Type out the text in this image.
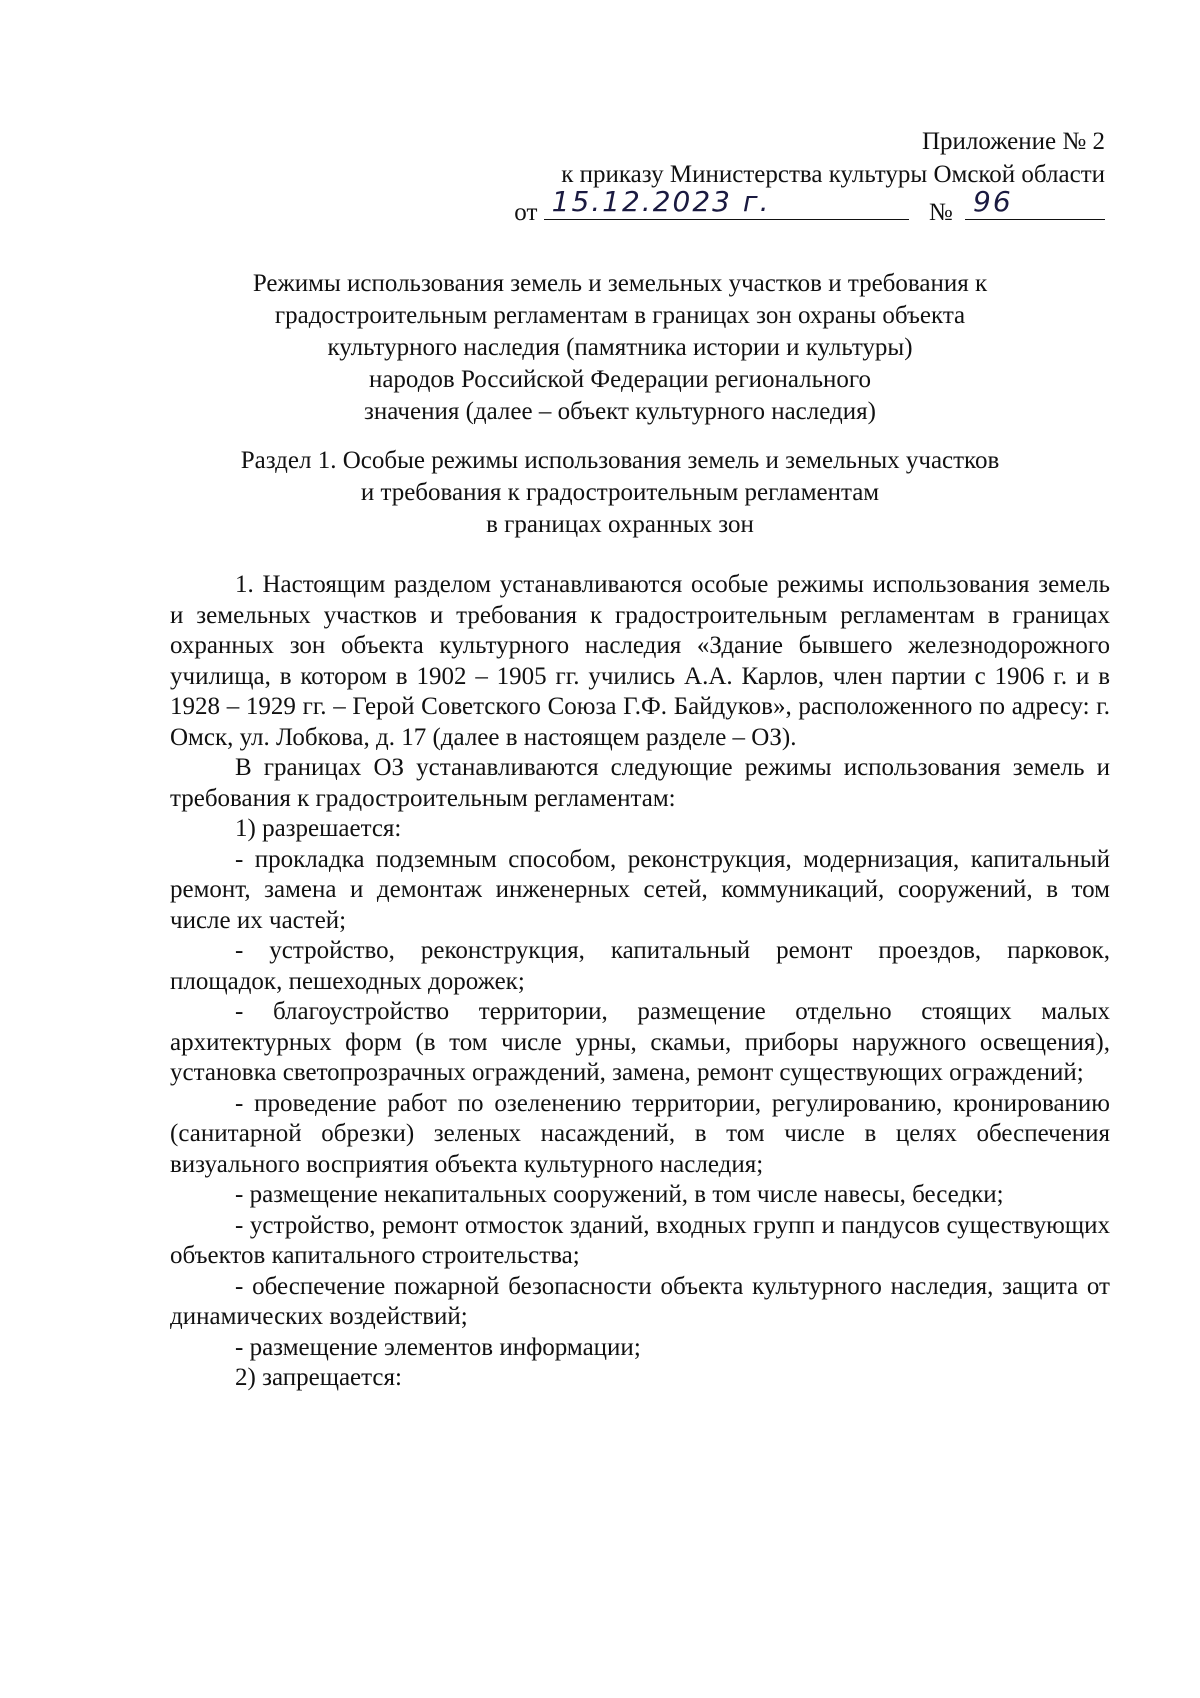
Приложение № 2
к приказу Министерства культуры Омской области
от 15.12.2023 г.	№ 96
Режимы использования земель и земельных участков и требования к
градостроительным регламентам в границах зон охраны объекта
культурного наследия (памятника истории и культуры)
народов Российской Федерации регионального
значения (далее – объект культурного наследия)
Раздел 1. Особые режимы использования земель и земельных участков
и требования к градостроительным регламентам
в границах охранных зон

1. Настоящим разделом устанавливаются особые режимы использования земель и земельных участков и требования к градостроительным регламентам в границах охранных зон объекта культурного наследия «Здание бывшего железнодорожного училища, в котором в 1902 – 1905 гг. учились А.А. Карлов, член партии с 1906 г. и в 1928 – 1929 гг. – Герой Советского Союза Г.Ф. Байдуков», расположенного по адресу: г. Омск, ул. Лобкова, д. 17 (далее в настоящем разделе – ОЗ).

В границах ОЗ устанавливаются следующие режимы использования земель и требования к градостроительным регламентам:

1) разрешается:

- прокладка подземным способом, реконструкция, модернизация, капитальный ремонт, замена и демонтаж инженерных сетей, коммуникаций, сооружений, в том числе их частей;

- устройство, реконструкция, капитальный ремонт проездов, парковок, площадок, пешеходных дорожек;

- благоустройство территории, размещение отдельно стоящих малых архитектурных форм (в том числе урны, скамьи, приборы наружного освещения), установка светопрозрачных ограждений, замена, ремонт существующих ограждений;

- проведение работ по озеленению территории, регулированию, кронированию (санитарной обрезки) зеленых насаждений, в том числе в целях обеспечения визуального восприятия объекта культурного наследия;

- размещение некапитальных сооружений, в том числе навесы, беседки;

- устройство, ремонт отмосток зданий, входных групп и пандусов существующих объектов капитального строительства;

- обеспечение пожарной безопасности объекта культурного наследия, защита от динамических воздействий;

- размещение элементов информации;

2) запрещается:
